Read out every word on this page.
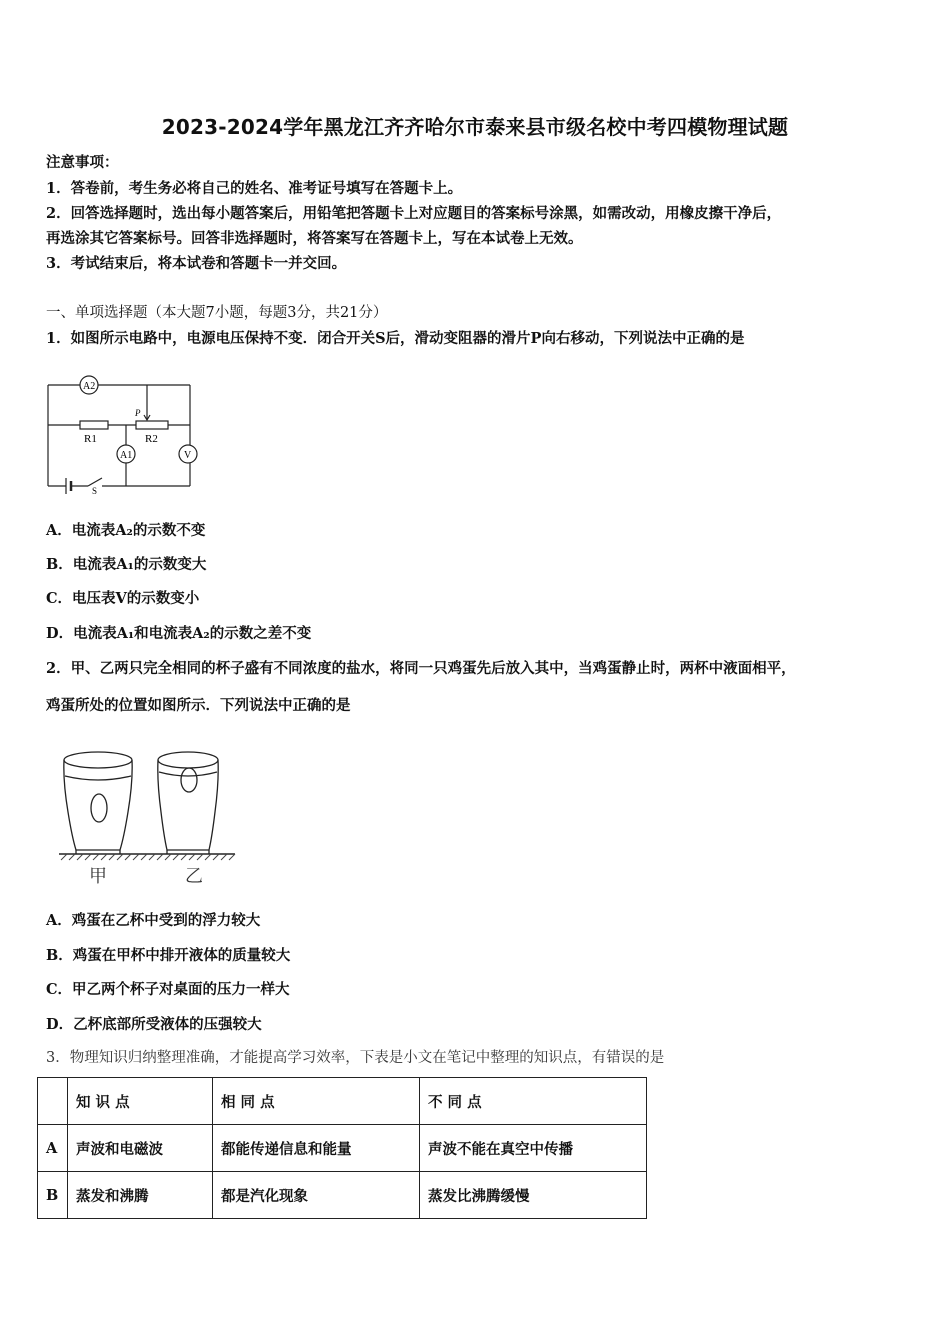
2023-2024学年黑龙江齐齐哈尔市泰来县市级名校中考四模物理试题
注意事项：
1．答卷前，考生务必将自己的姓名、准考证号填写在答题卡上。
2．回答选择题时，选出每小题答案后，用铅笔把答题卡上对应题目的答案标号涂黑，如需改动，用橡皮擦干净后，
再选涂其它答案标号。回答非选择题时，将答案写在答题卡上，写在本试卷上无效。
3．考试结束后，将本试卷和答题卡一并交回。
一、单项选择题（本大题7小题，每题3分，共21分）
1．如图所示电路中，电源电压保持不变．闭合开关S后，滑动变阻器的滑片P向右移动，下列说法中正确的是
A2
A1	V
R1	R2
P
S
A．电流表A₂的示数不变
B．电流表A₁的示数变大
C．电压表V的示数变小
D．电流表A₁和电流表A₂的示数之差不变
2．甲、乙两只完全相同的杯子盛有不同浓度的盐水，将同一只鸡蛋先后放入其中，当鸡蛋静止时，两杯中液面相平，
鸡蛋所处的位置如图所示．下列说法中正确的是
甲	乙
A．鸡蛋在乙杯中受到的浮力较大
B．鸡蛋在甲杯中排开液体的质量较大
C．甲乙两个杯子对桌面的压力一样大
D．乙杯底部所受液体的压强较大
3．物理知识归纳整理准确，才能提高学习效率，下表是小文在笔记中整理的知识点，有错误的是
	知 识 点	相 同 点	不 同 点
A	声波和电磁波	都能传递信息和能量	声波不能在真空中传播
B	蒸发和沸腾	都是汽化现象	蒸发比沸腾缓慢
